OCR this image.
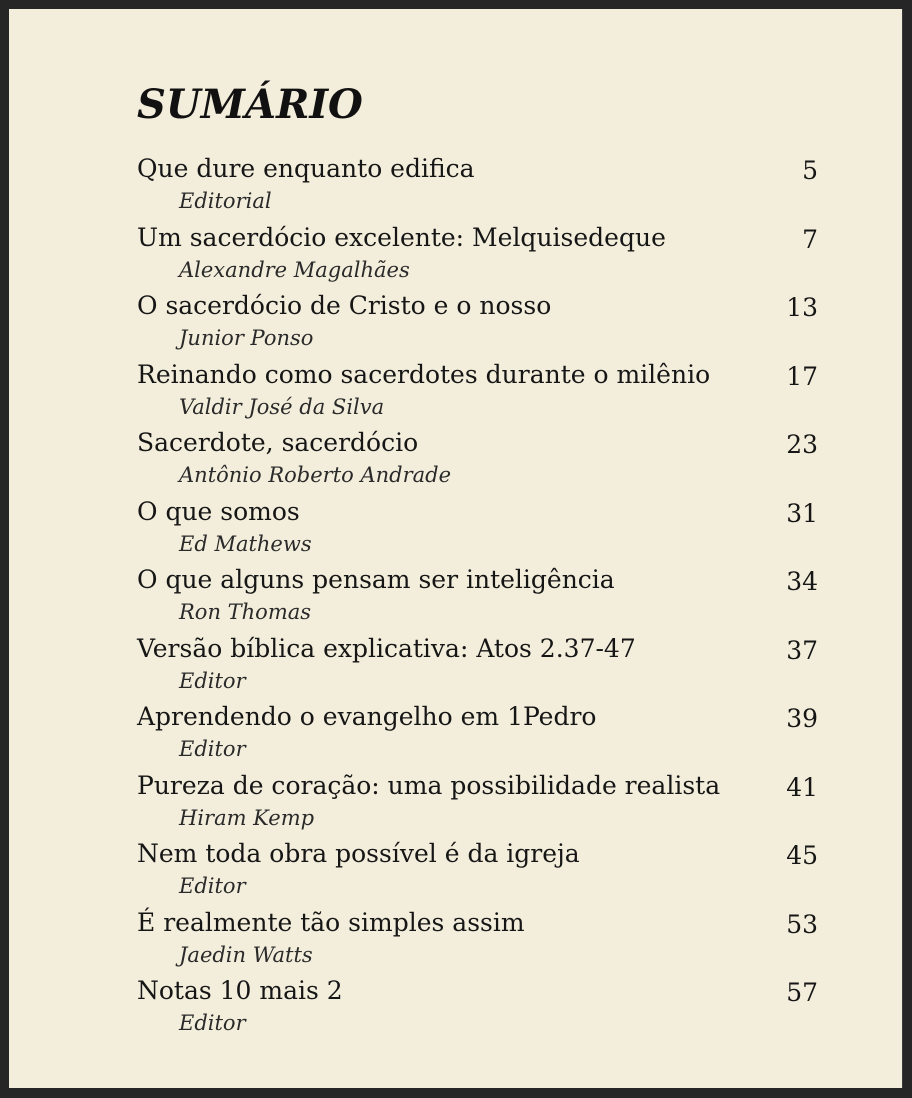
SUMÁRIO
Que dure enquanto edifica	5
Editorial
Um sacerdócio excelente: Melquisedeque	7
Alexandre Magalhães
O sacerdócio de Cristo e o nosso	13
Junior Ponso
Reinando como sacerdotes durante o milênio	17
Valdir José da Silva
Sacerdote, sacerdócio	23
Antônio Roberto Andrade
O que somos	31
Ed Mathews
O que alguns pensam ser inteligência	34
Ron Thomas
Versão bíblica explicativa: Atos 2.37-47	37
Editor
Aprendendo o evangelho em 1Pedro	39
Editor
Pureza de coração: uma possibilidade realista	41
Hiram Kemp
Nem toda obra possível é da igreja	45
Editor
É realmente tão simples assim	53
Jaedin Watts
Notas 10 mais 2	57
Editor
